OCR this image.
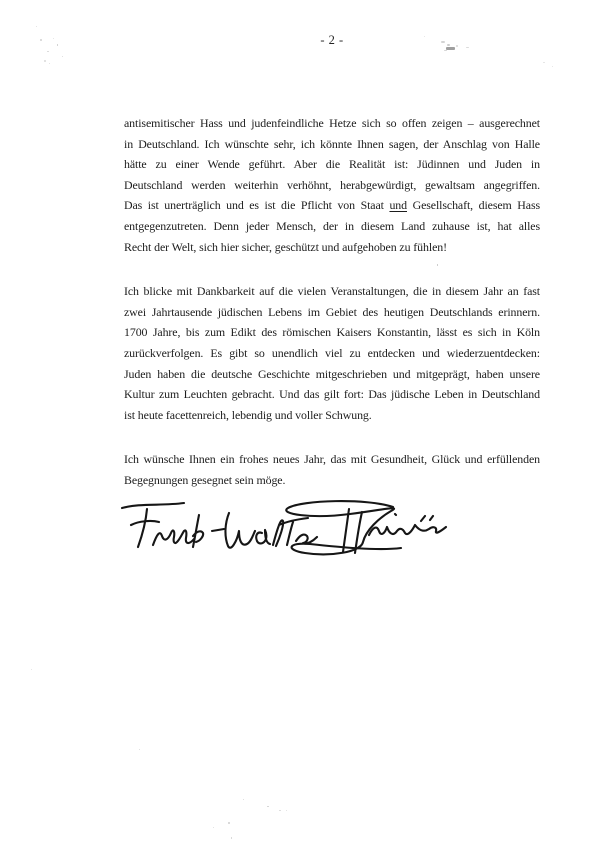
- 2 -
antisemitischer Hass und judenfeindliche Hetze sich so offen zeigen – ausgerechnet
in Deutschland. Ich wünschte sehr, ich könnte Ihnen sagen, der Anschlag von Halle
hätte zu einer Wende geführt. Aber die Realität ist: Jüdinnen und Juden in
Deutschland werden weiterhin verhöhnt, herabgewürdigt, gewaltsam angegriffen.
Das ist unerträglich und es ist die Pflicht von Staat und Gesellschaft, diesem Hass
entgegenzutreten. Denn jeder Mensch, der in diesem Land zuhause ist, hat alles
Recht der Welt, sich hier sicher, geschützt und aufgehoben zu fühlen!
Ich blicke mit Dankbarkeit auf die vielen Veranstaltungen, die in diesem Jahr an fast
zwei Jahrtausende jüdischen Lebens im Gebiet des heutigen Deutschlands erinnern.
1700 Jahre, bis zum Edikt des römischen Kaisers Konstantin, lässt es sich in Köln
zurückverfolgen. Es gibt so unendlich viel zu entdecken und wiederzuentdecken:
Juden haben die deutsche Geschichte mitgeschrieben und mitgeprägt, haben unsere
Kultur zum Leuchten gebracht. Und das gilt fort: Das jüdische Leben in Deutschland
ist heute facettenreich, lebendig und voller Schwung.
Ich wünsche Ihnen ein frohes neues Jahr, das mit Gesundheit, Glück und erfüllenden
Begegnungen gesegnet sein möge.
